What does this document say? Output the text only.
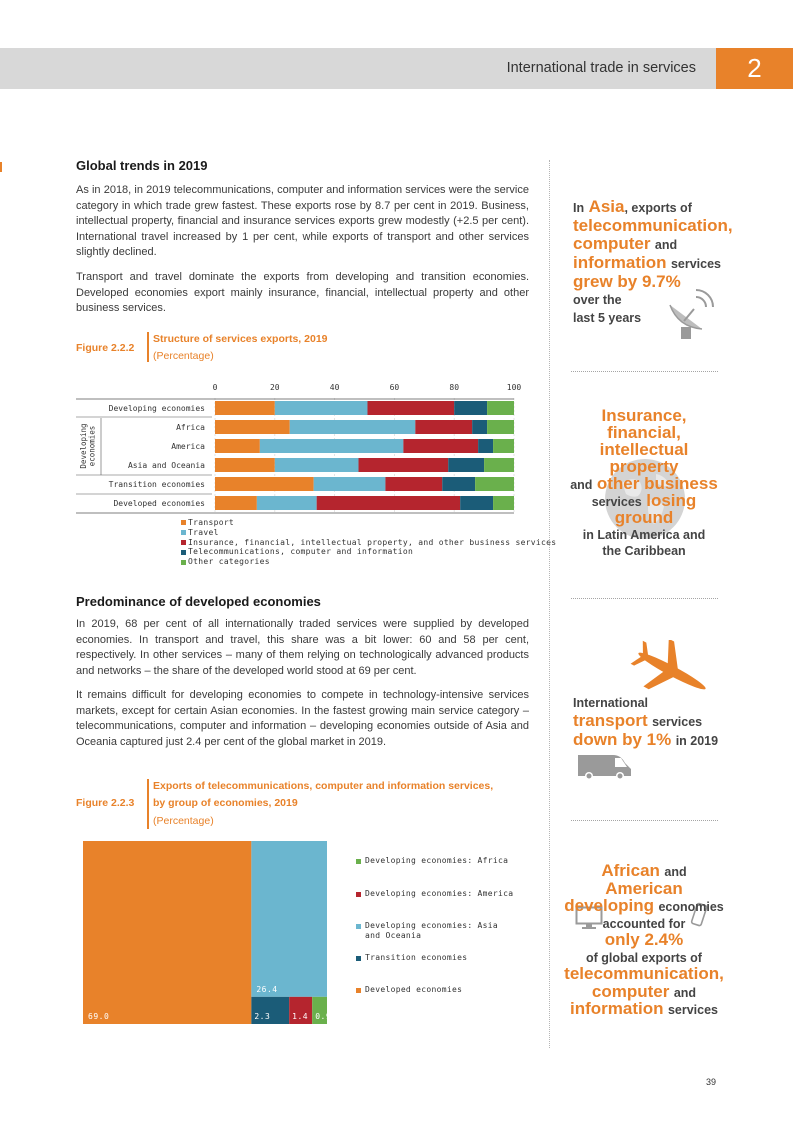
International trade in services	2
Global trends in 2019
As in 2018, in 2019 telecommunications, computer and information services were the service category in which trade grew fastest. These exports rose by 8.7 per cent in 2019. Business, intellectual property, financial and insurance services exports grew modestly (+2.5 per cent). International travel increased by 1 per cent, while exports of transport and other services slightly declined.
Transport and travel dominate the exports from developing and transition economies. Developed economies export mainly insurance, financial, intellectual property and other business services.
Figure 2.2.2
Structure of services exports, 2019
(Percentage)
0	20	40	60	80	100
Developingeconomies
Developing economies
Africa
America
Asia and Oceania
Transition economies
Developed economies
Transport
Travel
Insurance, financial, intellectual property, and other business services
Telecommunications, computer and information
Other categories
Predominance of developed economies
In 2019, 68 per cent of all internationally traded services were supplied by developed economies. In transport and travel, this share was a bit lower: 60 and 58 per cent, respectively. In other services – many of them relying on technologically advanced products and networks – the share of the developed world stood at 69 per cent.
It remains difficult for developing economies to compete in technology-intensive services markets, except for certain Asian economies. In the fastest growing main service category – telecommunications, computer and information – developing economies outside of Asia and Oceania captured just 2.4 per cent of the global market in 2019.
Figure 2.2.3
Exports of telecommunications, computer and information services,
by group of economies, 2019
(Percentage)
69.0
26.4
2.3	1.4 0.9
Developing economies: Africa
Developing economies: America
Developing economies: Asia and Oceania
Transition economies
Developed economies
In Asia, exports of
telecommunication,
computer and
information services
grew by 9.7%
over the
last 5 years
Insurance, financial,
intellectual property
and other business
services losing ground
in Latin America and
the Caribbean
International
transport services
down by 1% in 2019
African and American
developing economies
accounted for
only 2.4%
of global exports of
telecommunication,
computer and
information services
39
